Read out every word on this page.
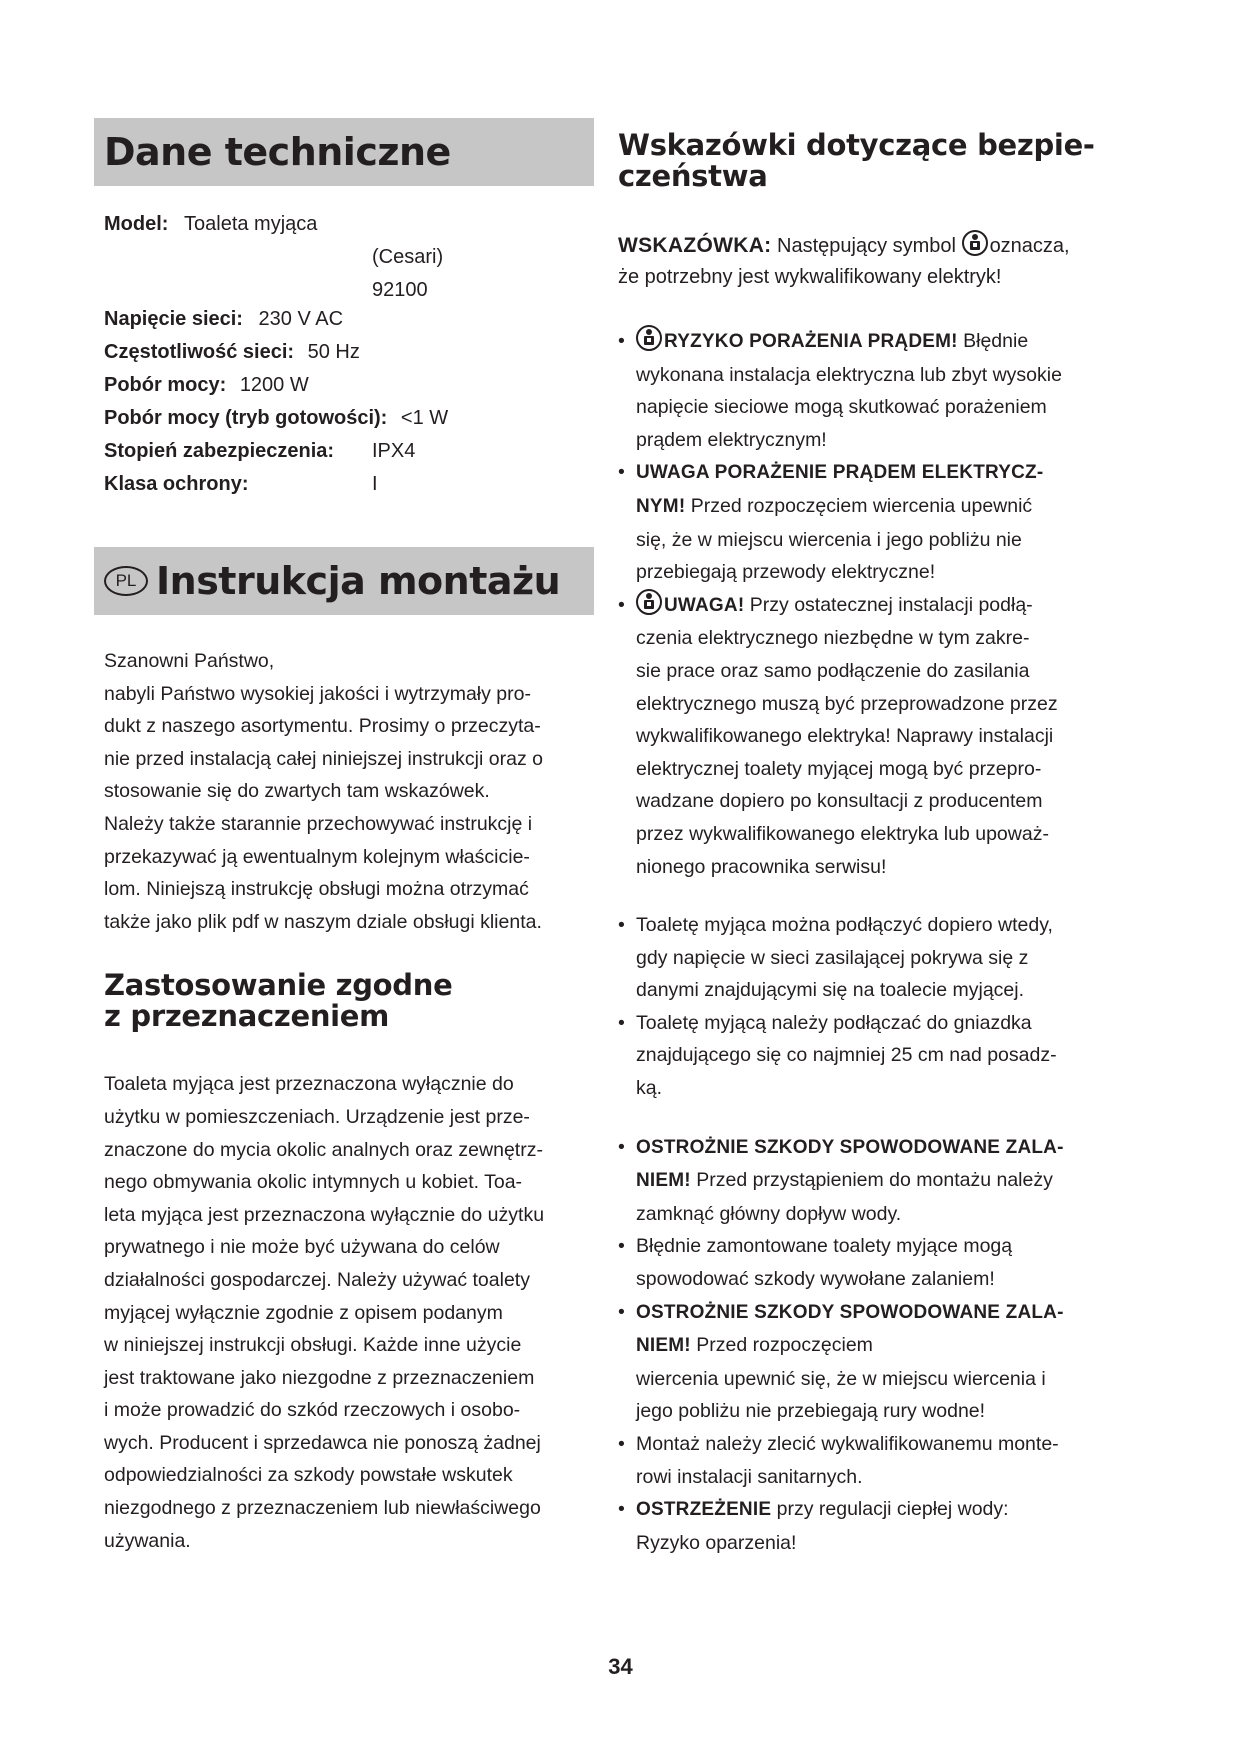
Dane techniczne
Model: Toaleta myjąca
(Cesari)
92100
Napięcie sieci: 230 V AC
Częstotliwość sieci: 50 Hz
Pobór mocy: 1200 W
Pobór mocy (tryb gotowości): <1 W
Stopień zabezpieczenia: IPX4
Klasa ochrony:	I
PL Instrukcja montażu

Szanowni Państwo,

nabyli Państwo wysokiej jakości i wytrzymały pro-

dukt z naszego asortymentu. Prosimy o przeczyta-

nie przed instalacją całej niniejszej instrukcji oraz o

stosowanie się do zwartych tam wskazówek.

Należy także starannie przechowywać instrukcję i

przekazywać ją ewentualnym kolejnym właścicie-

lom. Niniejszą instrukcję obsługi można otrzymać

także jako plik pdf w naszym dziale obsługi klienta.

Zastosowanie zgodne
z przeznaczeniem

Toaleta myjąca jest przeznaczona wyłącznie do

użytku w pomieszczeniach. Urządzenie jest prze-

znaczone do mycia okolic analnych oraz zewnętrz-

nego obmywania okolic intymnych u kobiet. Toa-

leta myjąca jest przeznaczona wyłącznie do użytku

prywatnego i nie może być używana do celów

działalności gospodarczej. Należy używać toalety

myjącej wyłącznie zgodnie z opisem podanym

w niniejszej instrukcji obsługi. Każde inne użycie

jest traktowane jako niezgodne z przeznaczeniem

i może prowadzić do szkód rzeczowych i osobo-

wych. Producent i sprzedawca nie ponoszą żadnej

odpowiedzialności za szkody powstałe wskutek

niezgodnego z przeznaczeniem lub niewłaściwego

używania.

Wskazówki dotyczące bezpie-
czeństwa

WSKAZÓWKA: Następujący symbol oznacza,

że potrzebny jest wykwalifikowany elektryk!

• RYZYKO PORAŻENIA PRĄDEM! Błędnie
wykonana instalacja elektryczna lub zbyt wysokie
napięcie sieciowe mogą skutkować porażeniem
prądem elektrycznym!
• UWAGA PORAŻENIE PRĄDEM ELEKTRYCZ-
NYM! Przed rozpoczęciem wiercenia upewnić
się, że w miejscu wiercenia i jego pobliżu nie
przebiegają przewody elektryczne!
• UWAGA! Przy ostatecznej instalacji podłą-
czenia elektrycznego niezbędne w tym zakre-
sie prace oraz samo podłączenie do zasilania
elektrycznego muszą być przeprowadzone przez
wykwalifikowanego elektryka! Naprawy instalacji
elektrycznej toalety myjącej mogą być przepro-
wadzane dopiero po konsultacji z producentem
przez wykwalifikowanego elektryka lub upoważ-
nionego pracownika serwisu!
• Toaletę myjąca można podłączyć dopiero wtedy,
gdy napięcie w sieci zasilającej pokrywa się z
danymi znajdującymi się na toalecie myjącej.
• Toaletę myjącą należy podłączać do gniazdka
znajdującego się co najmniej 25 cm nad posadz-
ką.
• OSTROŻNIE SZKODY SPOWODOWANE ZALA-
NIEM! Przed przystąpieniem do montażu należy
zamknąć główny dopływ wody.
• Błędnie zamontowane toalety myjące mogą
spowodować szkody wywołane zalaniem!
• OSTROŻNIE SZKODY SPOWODOWANE ZALA-
NIEM! Przed rozpoczęciem
wiercenia upewnić się, że w miejscu wiercenia i
jego pobliżu nie przebiegają rury wodne!
• Montaż należy zlecić wykwalifikowanemu monte-
rowi instalacji sanitarnych.
• OSTRZEŻENIE przy regulacji ciepłej wody:
Ryzyko oparzenia!
34
